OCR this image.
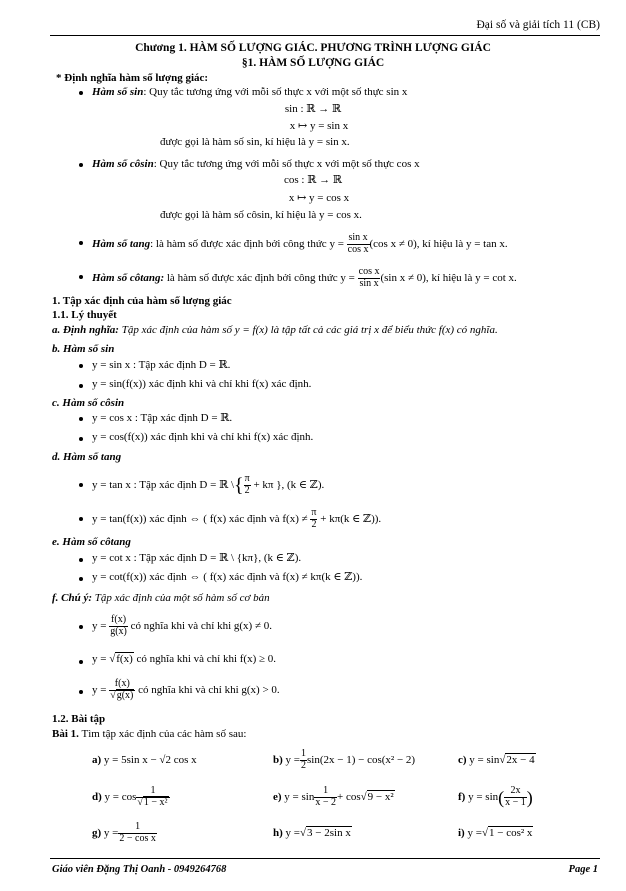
Đại số và giải tích 11 (CB)
Chương 1. HÀM SỐ LƯỢNG GIÁC. PHƯƠNG TRÌNH LƯỢNG GIÁC
§1. HÀM SỐ LƯỢNG GIÁC
* Định nghĩa hàm số lượng giác:
Hàm số sin: Quy tắc tương ứng với mỗi số thực x với một số thực sin x
sin : ℝ → ℝ
x ↦ y = sin x
được gọi là hàm số sin, kí hiệu là y = sin x.
Hàm số côsin: Quy tắc tương ứng với mỗi số thực x với một số thực cos x
cos : ℝ → ℝ
x ↦ y = cos x
được gọi là hàm số côsin, kí hiệu là y = cos x.
Hàm số tang: là hàm số được xác định bởi công thức $y = \frac{\text{sin x}}{\text{cos x}} (\cos$ x ≠ 0), kí hiệu là y = tan x.
Hàm số côtang: là hàm số được xác định bởi công thức $y = \frac{\text{cos x}}{\text{sin x}} (\sin$ x ≠ 0), kí hiệu là y = cot x.
1. Tập xác định của hàm số lượng giác
1.1. Lý thuyết
a. Định nghĩa: Tập xác định của hàm số y = f(x) là tập tất cả các giá trị x để biểu thức f(x) có nghĩa.
b. Hàm số sin
y = sin x : Tập xác định D = ℝ.
y = sin(f(x)) xác định khi và chỉ khi f(x) xác định.
c. Hàm số côsin
y = cos x : Tập xác định D = ℝ.
y = cos(f(x)) xác định khi và chỉ khi f(x) xác định.
d. Hàm số tang
y = tan x : Tập xác định D = ℝ \{ $\frac{\pi}{2} + k\pi$ }, (k ∈ ℤ).
y = tan(f(x)) xác định ⇔ ( f(x) xác định và $f(x) \ne \frac{\pi}{2} + k\pi(k$ ∈ ℤ)).
e. Hàm số côtang
y = cot x : Tập xác định D = ℝ \ {kπ}, (k ∈ ℤ).
y = cot(f(x)) xác định ⇔ ( f(x) xác định và f(x) ≠ kπ(k ∈ ℤ)).
f. Chú ý: Tập xác định của một số hàm số cơ bản
$y = \frac{f(x)}{g(x)}$ có nghĩa khi và chỉ khi g(x) ≠ 0.
y = √f(x) có nghĩa khi và chỉ khi f(x) ≥ 0.
$y = \frac{f(x)}{√g(x)}$ có nghĩa khi và chỉ khi g(x) > 0.
1.2. Bài tập
Bài 1. Tìm tập xác định của các hàm số sau:
a) y = 5sin x − √2 cos x	b) $y = \frac{1}{2} \sin(2x - 1) - \cos(x^2 - 2)$	c) y = sin√2x − 4
d) $y = \cos \frac{1}{\text{√1 − x²}}$	e) $y = \sin \frac{1}{x - 2} + \cos√9 - x^2$	f) $y = \sin( \frac{2x}{x - 1}$ )
g) $y = \frac{1}{\text{2 − cos x}}$	h) y =√3 − 2sin x	i) y =√1 − cos² x
Giáo viên Đặng Thị Oanh - 0949264768	Page 1
